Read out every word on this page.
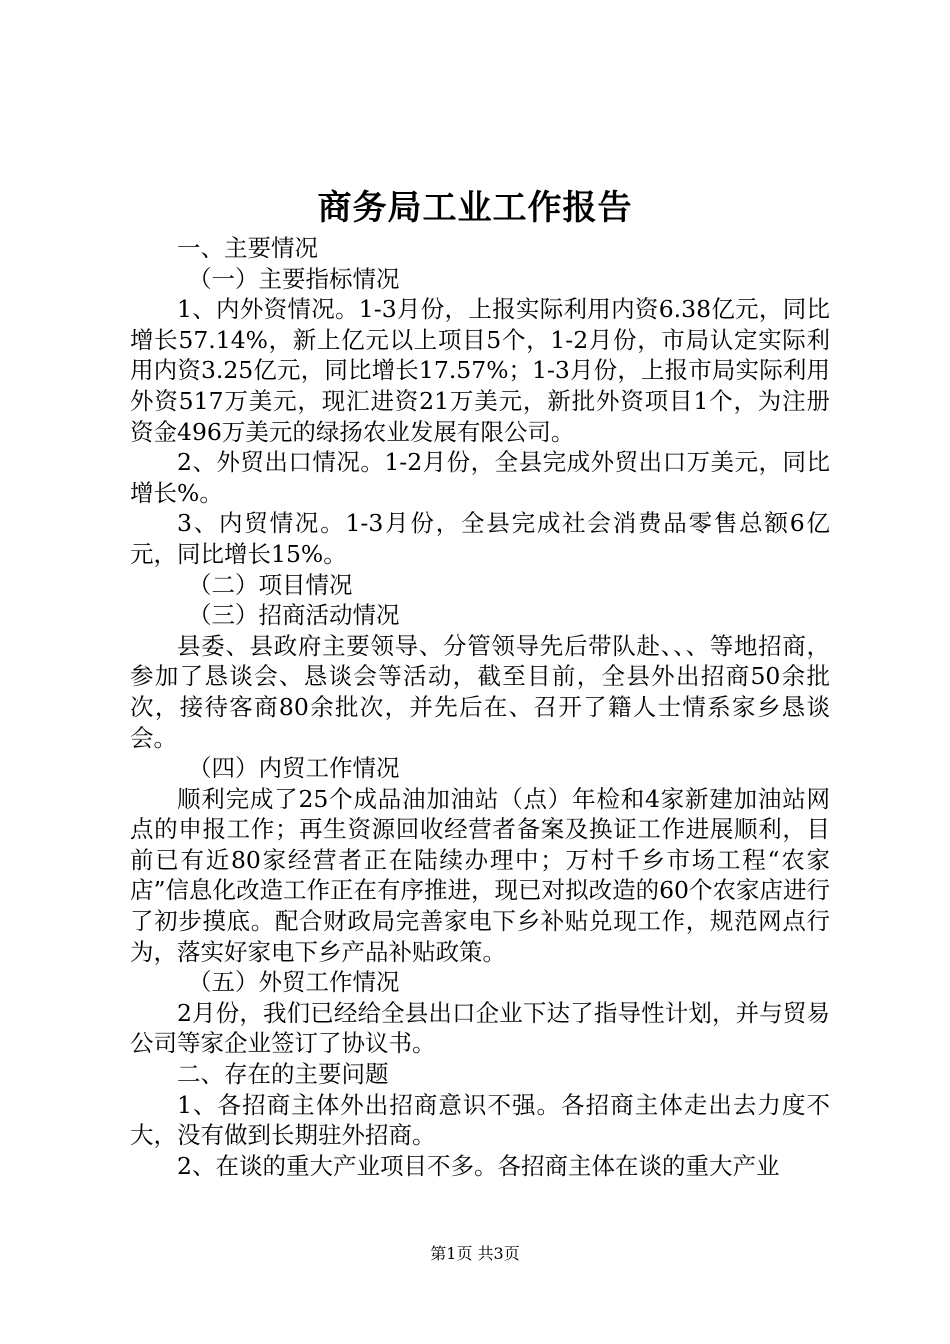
商务局工业工作报告

一、主要情况

（一）主要指标情况

1、内外资情况。1-3月份，上报实际利用内资6.38亿元，同比增长57.14%，新上亿元以上项目5个，1-2月份，市局认定实际利用内资3.25亿元，同比增长17.57%；1-3月份，上报市局实际利用外资517万美元，现汇进资21万美元，新批外资项目1个，为注册资金496万美元的绿扬农业发展有限公司。

2、外贸出口情况。1-2月份，全县完成外贸出口万美元，同比增长%。

3、内贸情况。1-3月份，全县完成社会消费品零售总额6亿元，同比增长15%。

（二）项目情况

（三）招商活动情况

县委、县政府主要领导、分管领导先后带队赴、、、等地招商，参加了恳谈会、恳谈会等活动，截至目前，全县外出招商50余批次，接待客商80余批次，并先后在、召开了籍人士情系家乡恳谈会。

（四）内贸工作情况

顺利完成了25个成品油加油站（点）年检和4家新建加油站网点的申报工作；再生资源回收经营者备案及换证工作进展顺利，目前已有近80家经营者正在陆续办理中；万村千乡市场工程“农家店”信息化改造工作正在有序推进，现已对拟改造的60个农家店进行了初步摸底。配合财政局完善家电下乡补贴兑现工作，规范网点行为，落实好家电下乡产品补贴政策。

（五）外贸工作情况

2月份，我们已经给全县出口企业下达了指导性计划，并与贸易公司等家企业签订了协议书。

二、存在的主要问题

1、各招商主体外出招商意识不强。各招商主体走出去力度不大，没有做到长期驻外招商。

2、在谈的重大产业项目不多。各招商主体在谈的重大产业

第1页 共3页
